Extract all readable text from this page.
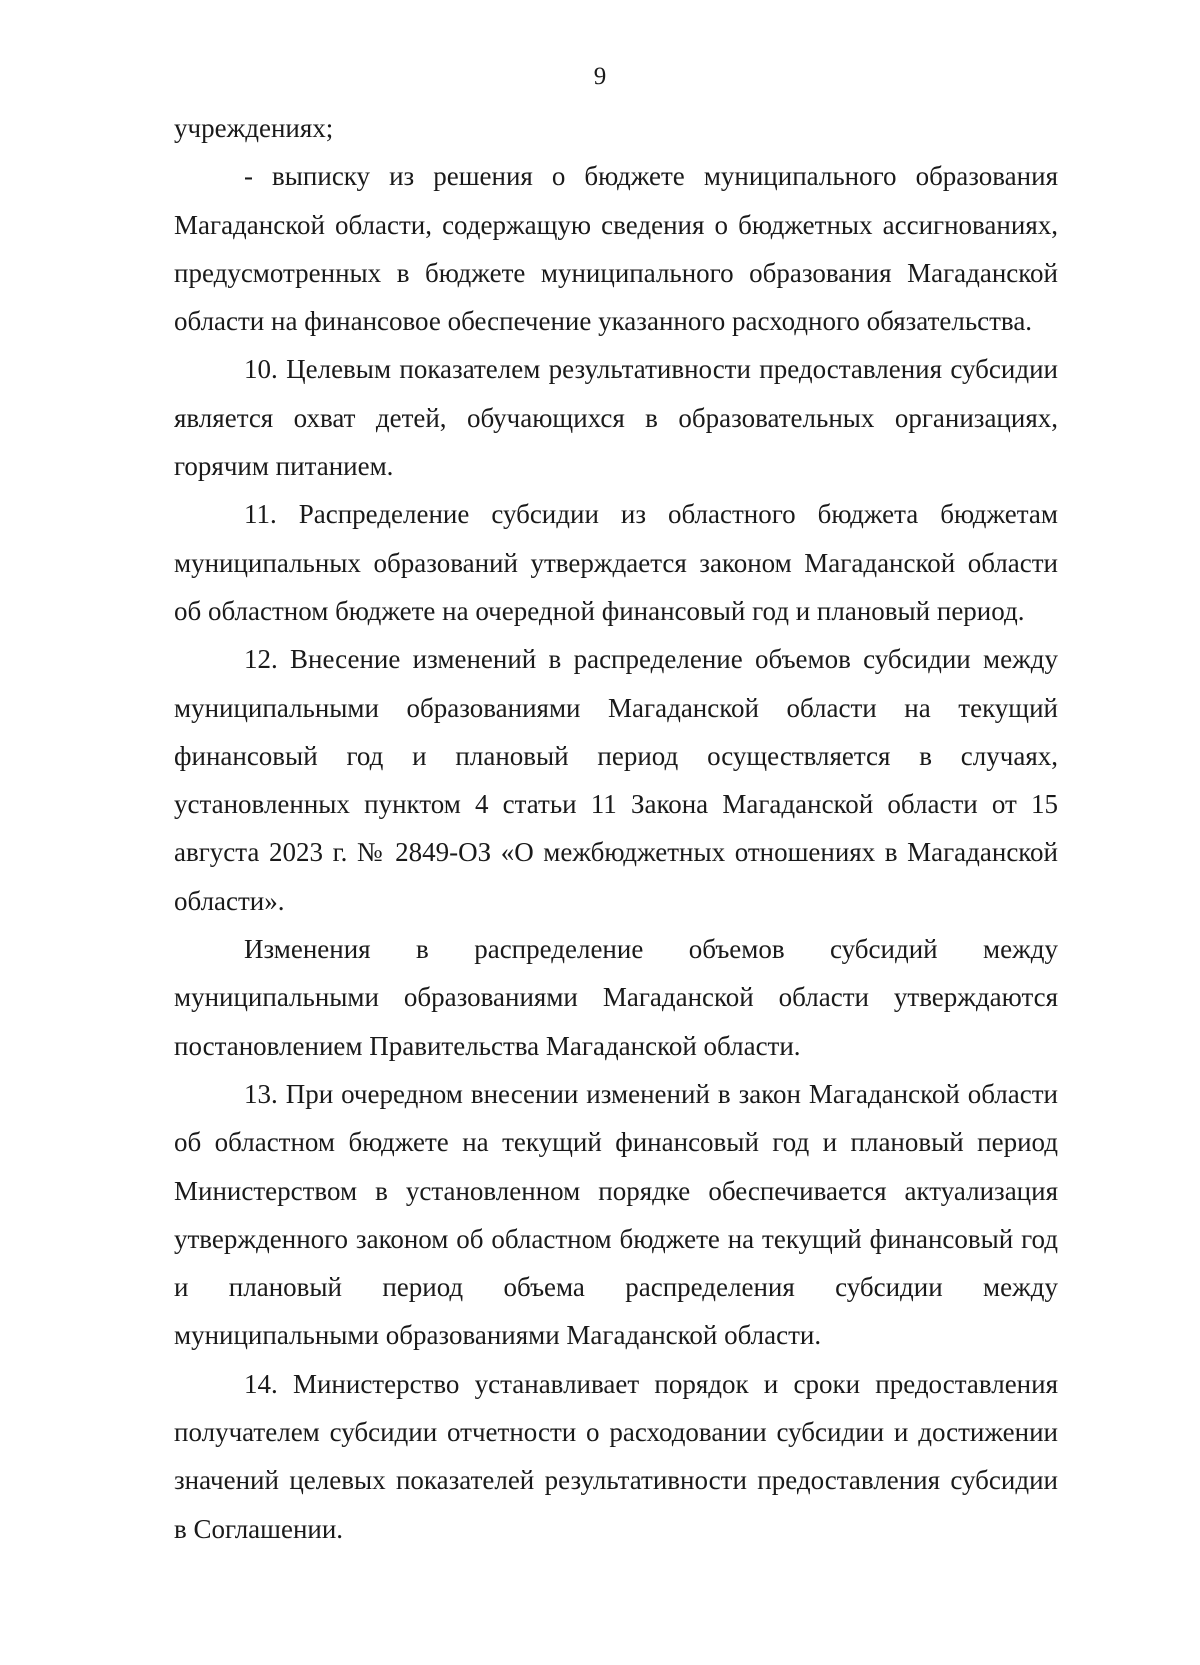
9

учреждениях;

- выписку из решения о бюджете муниципального образования Магаданской области, содержащую сведения о бюджетных ассигнованиях, предусмотренных в бюджете муниципального образования Магаданской области на финансовое обеспечение указанного расходного обязательства.

10. Целевым показателем результативности предоставления субсидии является охват детей, обучающихся в образовательных организациях, горячим питанием.

11. Распределение субсидии из областного бюджета бюджетам муниципальных образований утверждается законом Магаданской области об областном бюджете на очередной финансовый год и плановый период.

12. Внесение изменений в распределение объемов субсидии между муниципальными образованиями Магаданской области на текущий финансовый год и плановый период осуществляется в случаях, установленных пунктом 4 статьи 11 Закона Магаданской области от 15 августа 2023 г. № 2849-ОЗ «О межбюджетных отношениях в Магаданской области».

Изменения в распределение объемов субсидий между муниципальными образованиями Магаданской области утверждаются постановлением Правительства Магаданской области.

13. При очередном внесении изменений в закон Магаданской области об областном бюджете на текущий финансовый год и плановый период Министерством в установленном порядке обеспечивается актуализация утвержденного законом об областном бюджете на текущий финансовый год и плановый период объема распределения субсидии между муниципальными образованиями Магаданской области.

14. Министерство устанавливает порядок и сроки предоставления получателем субсидии отчетности о расходовании субсидии и достижении значений целевых показателей результативности предоставления субсидии в Соглашении.
